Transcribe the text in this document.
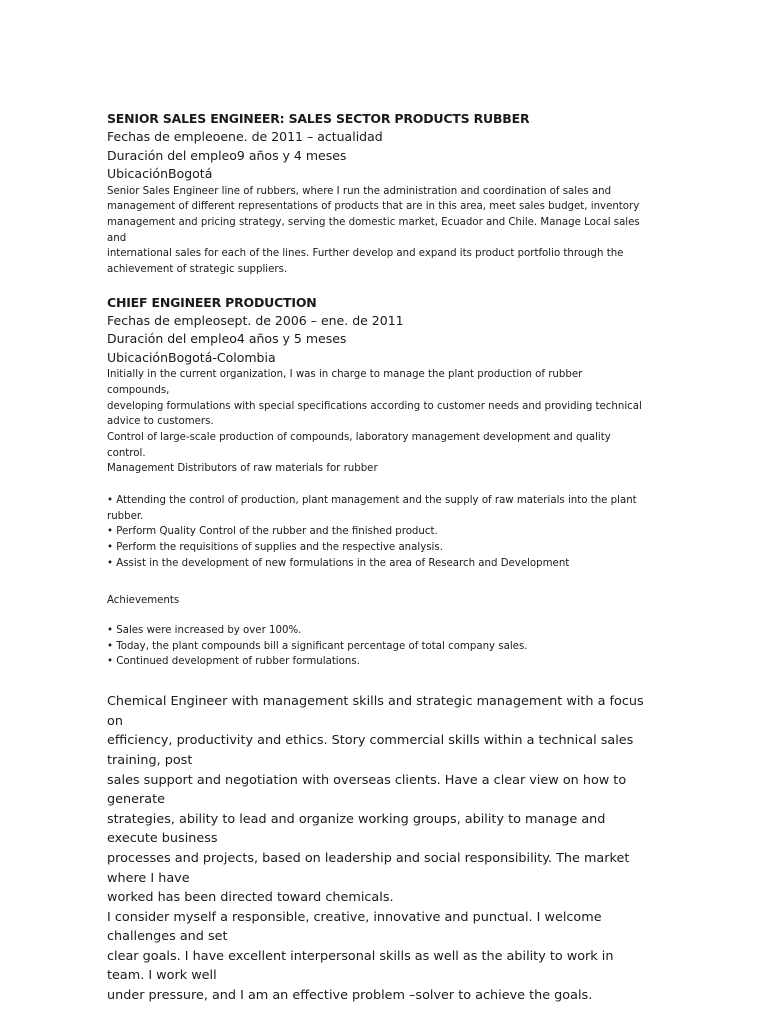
SENIOR SALES ENGINEER: SALES SECTOR PRODUCTS RUBBER

Fechas de empleoene. de 2011 – actualidad

Duración del empleo9 años y 4 meses

UbicaciónBogotá

Senior Sales Engineer line of rubbers, where I run the administration and coordination of sales and

management of different representations of products that are in this area, meet sales budget, inventory

management and pricing strategy, serving the domestic market, Ecuador and Chile. Manage Local sales and

international sales for each of the lines. Further develop and expand its product portfolio through the

achievement of strategic suppliers.

CHIEF ENGINEER PRODUCTION

Fechas de empleosept. de 2006 – ene. de 2011

Duración del empleo4 años y 5 meses

UbicaciónBogotá-Colombia

Initially in the current organization, I was in charge to manage the plant production of rubber compounds,

developing formulations with special specifications according to customer needs and providing technical

advice to customers.

Control of large-scale production of compounds, laboratory management development and quality control.

Management Distributors of raw materials for rubber

• Attending the control of production, plant management and the supply of raw materials into the plant

rubber.

• Perform Quality Control of the rubber and the finished product.

• Perform the requisitions of supplies and the respective analysis.

• Assist in the development of new formulations in the area of Research and Development

Achievements

• Sales were increased by over 100%.

• Today, the plant compounds bill a significant percentage of total company sales.

• Continued development of rubber formulations.

Chemical Engineer with management skills and strategic management with a focus on

efficiency, productivity and ethics. Story commercial skills within a technical sales training, post

sales support and negotiation with overseas clients. Have a clear view on how to generate

strategies, ability to lead and organize working groups, ability to manage and execute business

processes and projects, based on leadership and social responsibility. The market where I have

worked has been directed toward chemicals.

I consider myself a responsible, creative, innovative and punctual. I welcome challenges and set

clear goals. I have excellent interpersonal skills as well as the ability to work in team. I work well

under pressure, and I am an effective problem –solver to achieve the goals.
